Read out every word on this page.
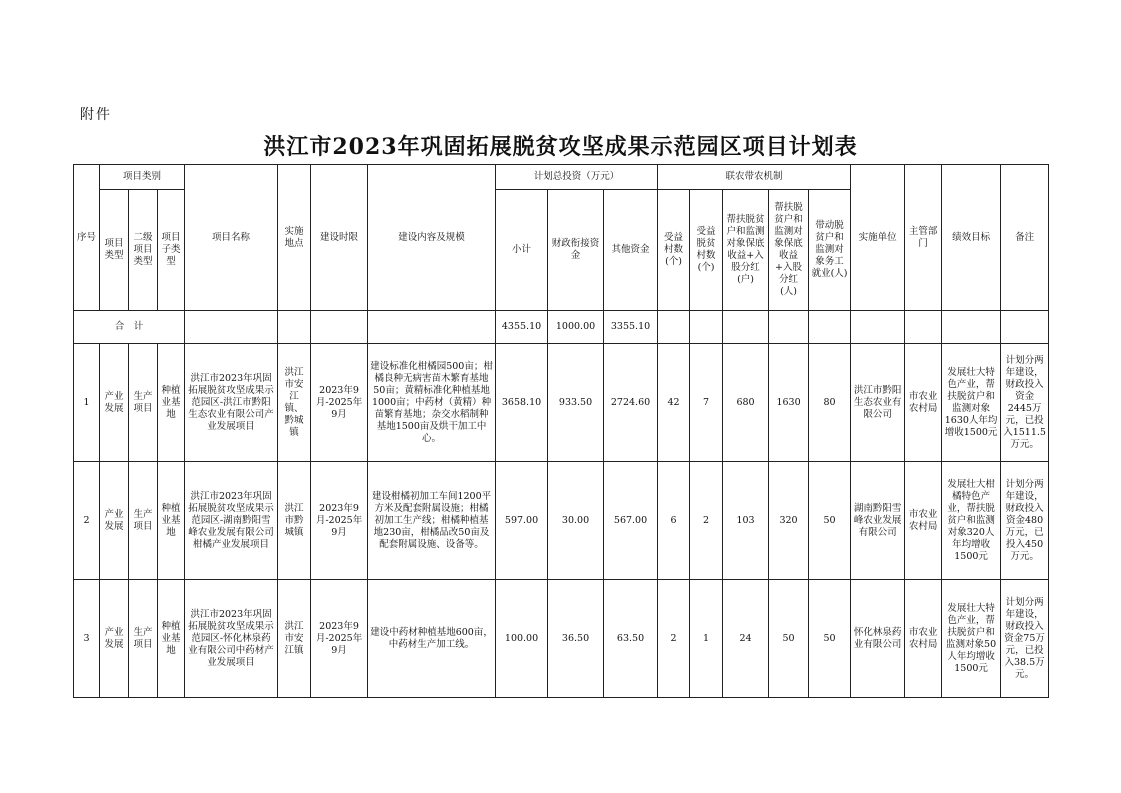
附件
洪江市2023年巩固拓展脱贫攻坚成果示范园区项目计划表
序号	项目类别			项目名称	实施地点	建设时限	建设内容及规模	计划总投资（万元）			联农带农机制					实施单位	主管部门	绩效目标	备注
	项目类型	二级项目类型	项目子类型					小计	财政衔接资金	其他资金	受益村数(个)	受益脱贫村数(个)	帮扶脱贫户和监测对象保底收益+入股分红(户)	帮扶脱贫户和监测对象保底收益+入股分红(人)	带动脱贫户和监测对象务工就业(人)				
合　计								4355.10	1000.00	3355.10									
1	产业发展	生产项目	种植业基地	洪江市2023年巩固拓展脱贫攻坚成果示范园区-洪江市黔阳生态农业有限公司产业发展项目	洪江市安江镇、黔城镇	2023年9月-2025年9月	建设标准化柑橘园500亩；柑橘良种无病害苗木繁育基地50亩；黄精标准化种植基地1000亩；中药材（黄精）种苗繁育基地；杂交水稻制种基地1500亩及烘干加工中心。	3658.10	933.50	2724.60	42	7	680	1630	80	洪江市黔阳生态农业有限公司	市农业农村局	发展壮大特色产业，帮扶脱贫户和监测对象1630人年均增收1500元	计划分两年建设，财政投入资金2445万元，已投入1511.5万元。
2	产业发展	生产项目	种植业基地	洪江市2023年巩固拓展脱贫攻坚成果示范园区-湖南黔阳雪峰农业发展有限公司柑橘产业发展项目	洪江市黔城镇	2023年9月-2025年9月	建设柑橘初加工车间1200平方米及配套附属设施；柑橘初加工生产线；柑橘种植基地230亩，柑橘品改50亩及配套附属设施、设备等。	597.00	30.00	567.00	6	2	103	320	50	湖南黔阳雪峰农业发展有限公司	市农业农村局	发展壮大柑橘特色产业，帮扶脱贫户和监测对象320人年均增收1500元	计划分两年建设，财政投入资金480万元，已投入450万元。
3	产业发展	生产项目	种植业基地	洪江市2023年巩固拓展脱贫攻坚成果示范园区-怀化林泉药业有限公司中药材产业发展项目	洪江市安江镇	2023年9月-2025年9月	建设中药材种植基地600亩，中药材生产加工线。	100.00	36.50	63.50	2	1	24	50	50	怀化林泉药业有限公司	市农业农村局	发展壮大特色产业，帮扶脱贫户和监测对象50人年均增收1500元	计划分两年建设，财政投入资金75万元，已投入38.5万元。
